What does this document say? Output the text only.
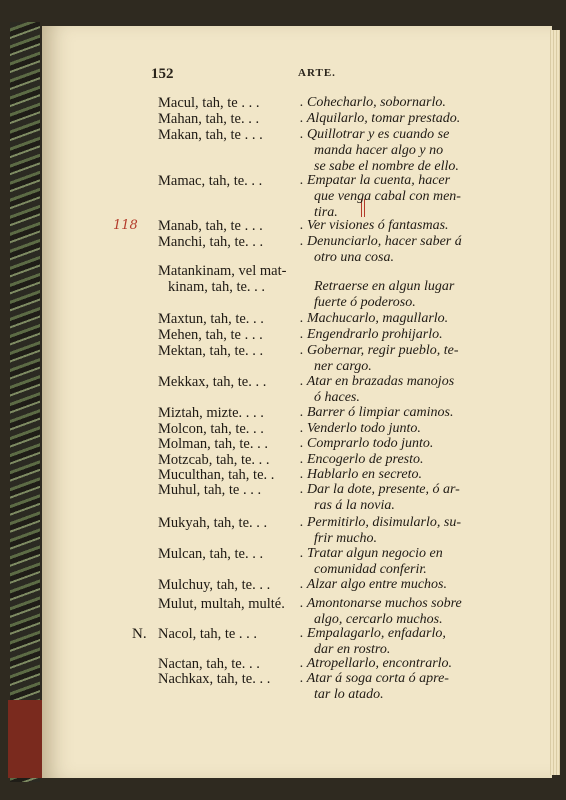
152	ARTE.
118
Macul, tah, te . . .	. Cohecharlo, sobornarlo.
Mahan, tah, te. . .	. Alquilarlo, tomar prestado.
Makan, tah, te . . .	. Quillotrar y es cuando se
manda hacer algo y no
se sabe el nombre de ello.
Mamac, tah, te. . .	. Empatar la cuenta, hacer
que venga cabal con men-
tira.
Manab, tah, te . . .	. Ver visiones ó fantasmas.
Manchi, tah, te. . .	. Denunciarlo, hacer saber á
otro una cosa.
Matankinam, vel mat-
kinam, tah, te. . .
	Retraerse en algun lugar
fuerte ó poderoso.
Maxtun, tah, te. . .	. Machucarlo, magullarlo.
Mehen, tah, te . . .	. Engendrarlo prohijarlo.
Mektan, tah, te. . .	. Gobernar, regir pueblo, te-
ner cargo.
Mekkax, tah, te. . .	. Atar en brazadas manojos
ó haces.
Miztah, mizte. . . .	. Barrer ó limpiar caminos.
Molcon, tah, te. . .	. Venderlo todo junto.
Molman, tah, te. . .	. Comprarlo todo junto.
Motzcab, tah, te. . .	. Encogerlo de presto.
Muculthan, tah, te. .	. Hablarlo en secreto.
Muhul, tah, te . . .	. Dar la dote, presente, ó ar-
ras á la novia.
Mukyah, tah, te. . .	. Permitirlo, disimularlo, su-
frir mucho.
Mulcan, tah, te. . .	. Tratar algun negocio en
comunidad conferir.
Mulchuy, tah, te. . .	. Alzar algo entre muchos.
Mulut, multah, multé.	. Amontonarse muchos sobre
algo, cercarlo muchos.
N. Nacol, tah, te . . .	. Empalagarlo, enfadarlo,
dar en rostro.
Nactan, tah, te. . .	. Atropellarlo, encontrarlo.
Nachkax, tah, te. . .	. Atar á soga corta ó apre-
tar lo atado.
